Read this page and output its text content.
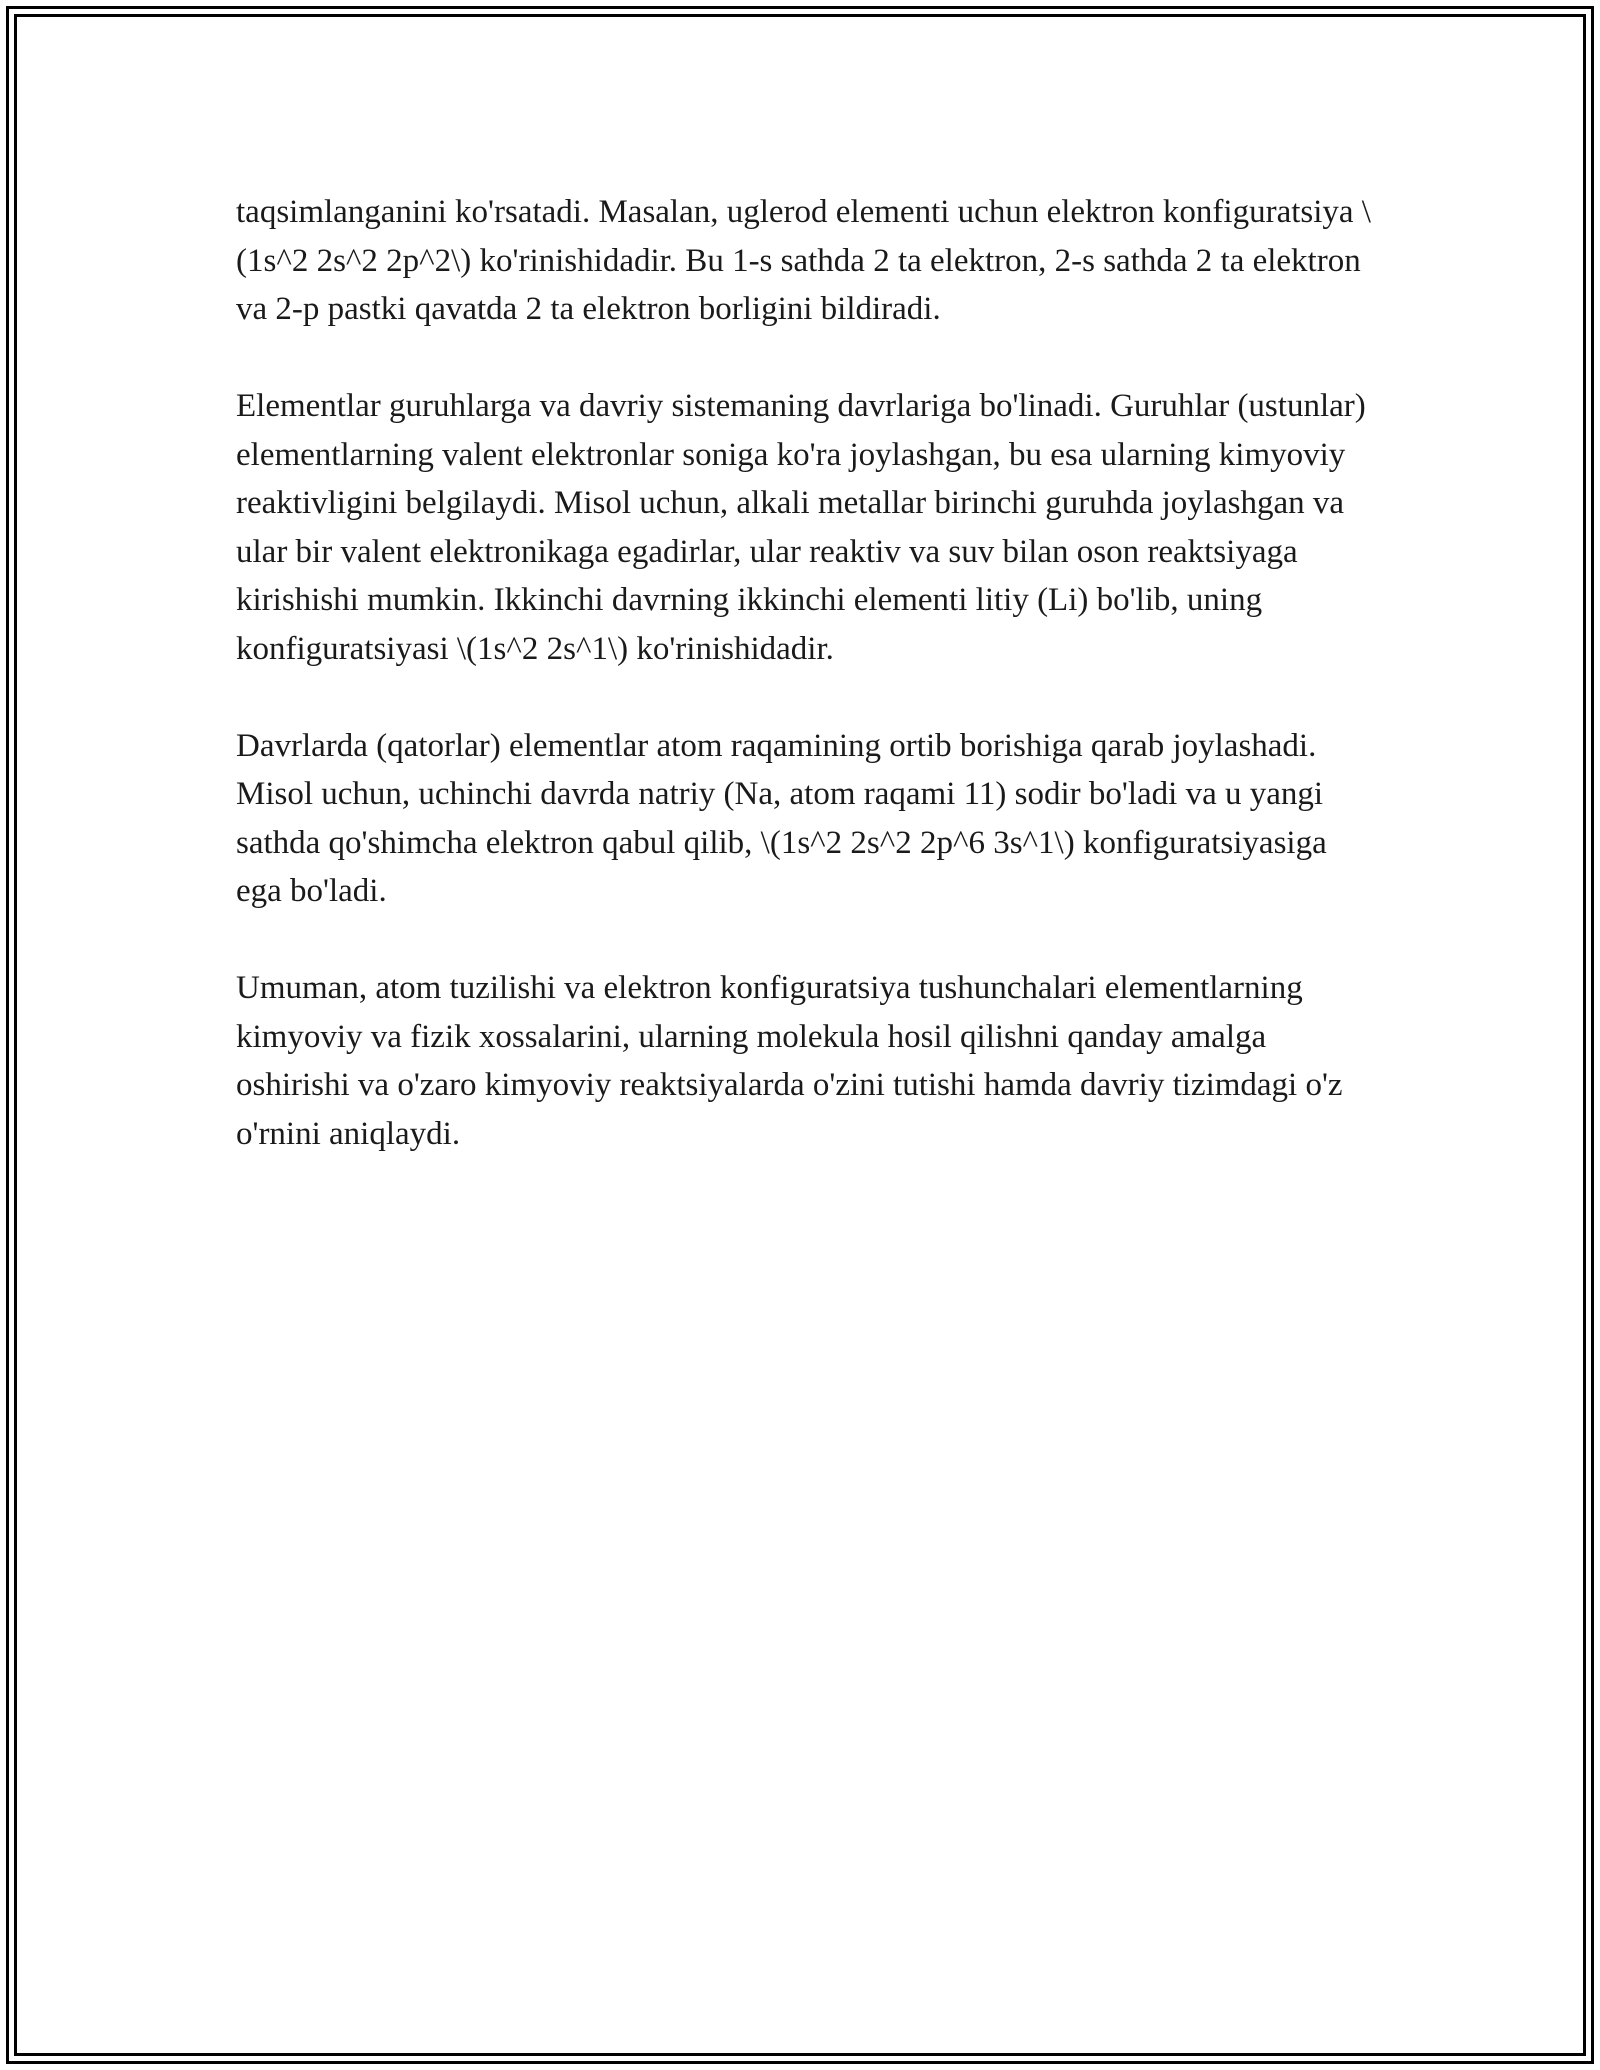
taqsimlanganini ko'rsatadi. Masalan, uglerod elementi uchun elektron konfiguratsiya \(1s^2 2s^2 2p^2\) ko'rinishidadir. Bu 1-s sathda 2 ta elektron, 2-s sathda 2 ta elektron va 2-p pastki qavatda 2 ta elektron borligini bildiradi.

Elementlar guruhlarga va davriy sistemaning davrlariga bo'linadi. Guruhlar (ustunlar) elementlarning valent elektronlar soniga ko'ra joylashgan, bu esa ularning kimyoviy reaktivligini belgilaydi. Misol uchun, alkali metallar birinchi guruhda joylashgan va ular bir valent elektronikaga egadirlar, ular reaktiv va suv bilan oson reaktsiyaga kirishishi mumkin. Ikkinchi davrning ikkinchi elementi litiy (Li) bo'lib, uning konfiguratsiyasi \(1s^2 2s^1\) ko'rinishidadir.

Davrlarda (qatorlar) elementlar atom raqamining ortib borishiga qarab joylashadi. Misol uchun, uchinchi davrda natriy (Na, atom raqami 11) sodir bo'ladi va u yangi sathda qo'shimcha elektron qabul qilib, \(1s^2 2s^2 2p^6 3s^1\) konfiguratsiyasiga ega bo'ladi.

Umuman, atom tuzilishi va elektron konfiguratsiya tushunchalari elementlarning kimyoviy va fizik xossalarini, ularning molekula hosil qilishni qanday amalga oshirishi va o'zaro kimyoviy reaktsiyalarda o'zini tutishi hamda davriy tizimdagi o'z o'rnini aniqlaydi.
